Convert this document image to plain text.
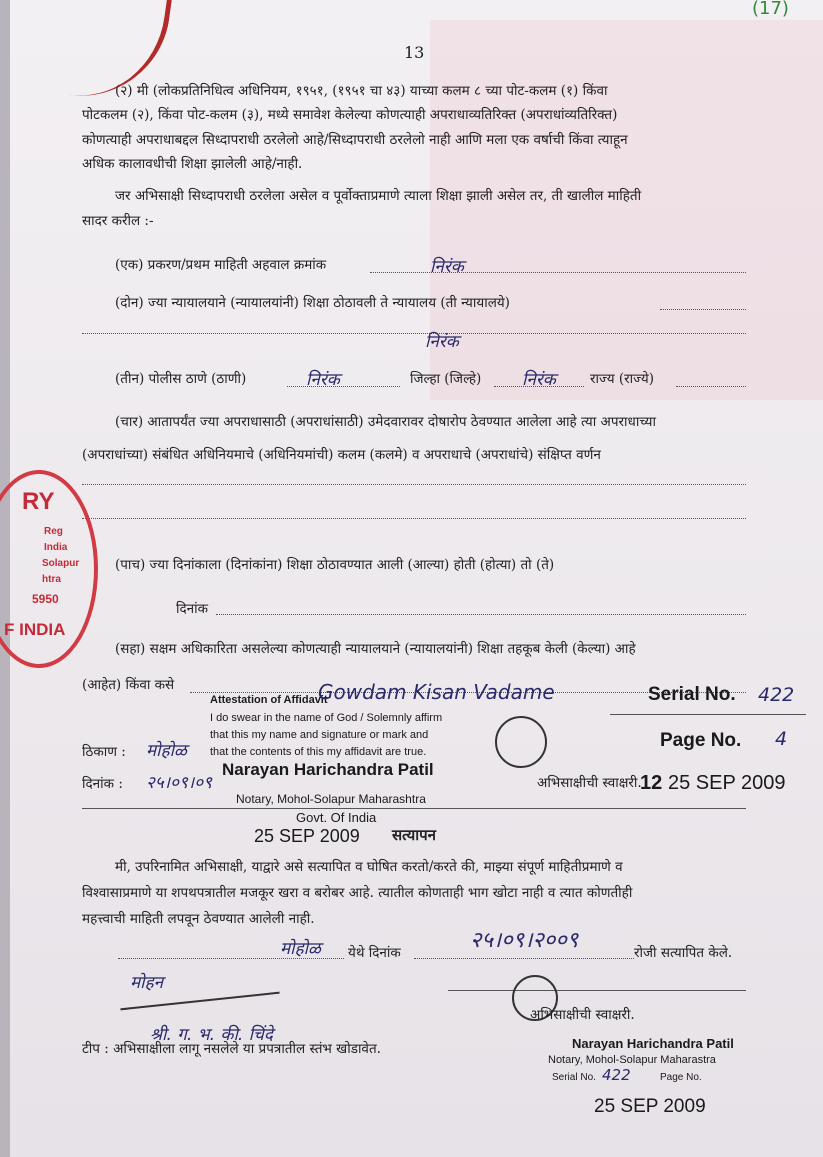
(17)
13
(२) मी (लोकप्रतिनिधित्व अधिनियम, १९५१, (१९५१ चा ४३) याच्या कलम ८ च्या पोट-कलम (१) किंवा
पोटकलम (२), किंवा पोट-कलम (३), मध्ये समावेश केलेल्या कोणत्याही अपराधाव्यतिरिक्त (अपराधांव्यतिरिक्त)
कोणत्याही अपराधाबद्दल सिध्दापराधी ठरलेलो आहे/सिध्दापराधी ठरलेलो नाही आणि मला एक वर्षाची किंवा त्याहून
अधिक कालावधीची शिक्षा झालेली आहे/नाही.
जर अभिसाक्षी सिध्दापराधी ठरलेला असेल व पूर्वोक्ताप्रमाणे त्याला शिक्षा झाली असेल तर, ती खालील माहिती
सादर करील :-
(एक) प्रकरण/प्रथम माहिती अहवाल क्रमांक	निरंक
(दोन) ज्या न्यायालयाने (न्यायालयांनी) शिक्षा ठोठावली ते न्यायालय (ती न्यायालये)
निरंक
(तीन) पोलीस ठाणे (ठाणी)	निरंक	जिल्हा (जिल्हे) निरंक	राज्य (राज्ये)
(चार) आतापर्यंत ज्या अपराधासाठी (अपराधांसाठी) उमेदवारावर दोषारोप ठेवण्यात आलेला आहे त्या अपराधाच्या
(अपराधांच्या) संबंधित अधिनियमाचे (अधिनियमांची) कलम (कलमे) व अपराधाचे (अपराधांचे) संक्षिप्त वर्णन
(पाच) ज्या दिनांकाला (दिनांकांना) शिक्षा ठोठावण्यात आली (आल्या) होती (होत्या) तो (ते)
दिनांक
(सहा) सक्षम अधिकारिता असलेल्या कोणत्याही न्यायालयाने (न्यायालयांनी) शिक्षा तहकूब केली (केल्या) आहे
(आहेत) किंवा कसे
Attestation of Affidavit
Gowdam Kisan Vadame
I do swear in the name of God / Solemnly affirm
that this my name and signature or mark and
that the contents of this my affidavit are true.
Narayan Harichandra Patil
Notary, Mohol-Solapur Maharashtra
Govt. Of India
25 SEP 2009
Serial No. 422
Page No. 4
ठिकाण : मोहोळ
दिनांक : २५।०९।०९	अभिसाक्षीची स्वाक्षरी.
12 25 SEP 2009
सत्यापन
मी, उपरिनामित अभिसाक्षी, याद्वारे असे सत्यापित व घोषित करतो/करते की, माझ्या संपूर्ण माहितीप्रमाणे व
विश्वासाप्रमाणे या शपथपत्रातील मजकूर खरा व बरोबर आहे. त्यातील कोणताही भाग खोटा नाही व त्यात कोणतीही
महत्त्वाची माहिती लपवून ठेवण्यात आलेली नाही.
मोहोळ येथे दिनांक	२५।०९।२००९	रोजी सत्यापित केले.
मोहन
श्री. ग. भ. की. चिंदे
अभिसाक्षीची स्वाक्षरी.
टीप : अभिसाक्षीला लागू नसलेले या प्रपत्रातील स्तंभ खोडावेत.	Narayan Harichandra Patil
Notary, Mohol-Solapur Maharastra
Serial No. 422	Page No.
25 SEP 2009
RY
Reg
India
Solapur
htra
5950
F INDIA
